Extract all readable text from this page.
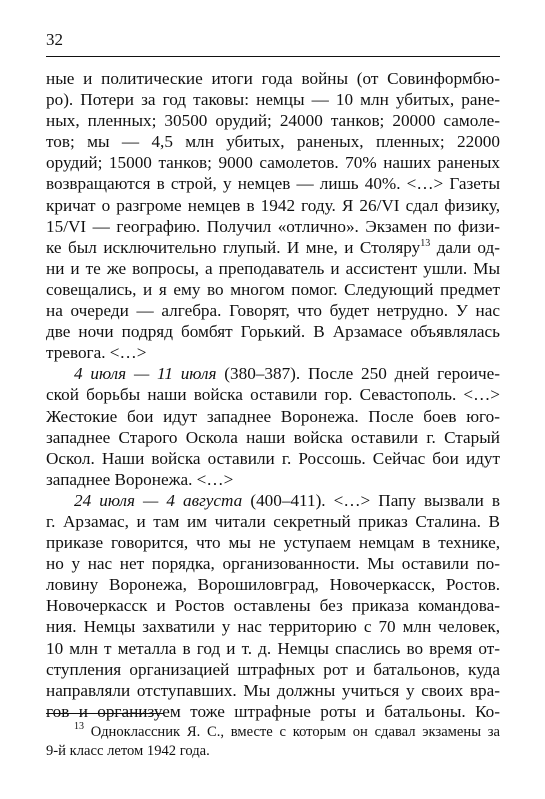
32
ные и политические итоги года войны (от Совинформбю-
ро). Потери за год таковы: немцы — 10 млн убитых, ране-
ных, пленных; 30500 орудий; 24000 танков; 20000 самоле-
тов; мы — 4,5 млн убитых, раненых, пленных; 22000
орудий; 15000 танков; 9000 самолетов. 70% наших раненых
возвращаются в строй, у немцев — лишь 40%. <…> Газеты
кричат о разгроме немцев в 1942 году. Я 26/VI сдал физику,
15/VI — географию. Получил «отлично». Экзамен по физи-
ке был исключительно глупый. И мне, и Столяру$^{13}$ дали од-
ни и те же вопросы, а преподаватель и ассистент ушли. Мы
совещались, и я ему во многом помог. Следующий предмет
на очереди — алгебра. Говорят, что будет нетрудно. У нас
две ночи подряд бомбят Горький. В Арзамасе объявлялась
тревога. <…>
4 июля — 11 июля (380–387). После 250 дней героиче-
ской борьбы наши войска оставили гор. Севастополь. <…>
Жестокие бои идут западнее Воронежа. После боев юго-
западнее Старого Оскола наши войска оставили г. Старый
Оскол. Наши войска оставили г. Россошь. Сейчас бои идут
западнее Воронежа. <…>
24 июля — 4 августа (400–411). <…> Папу вызвали в
г. Арзамас, и там им читали секретный приказ Сталина. В
приказе говорится, что мы не уступаем немцам в технике,
но у нас нет порядка, организованности. Мы оставили по-
ловину Воронежа, Ворошиловград, Новочеркасск, Ростов.
Новочеркасск и Ростов оставлены без приказа командова-
ния. Немцы захватили у нас территорию с 70 млн человек,
10 млн т металла в год и т. д. Немцы спаслись во время от-
ступления организацией штрафных рот и батальонов, куда
направляли отступавших. Мы должны учиться у своих вра-
гов и организуем тоже штрафные роты и батальоны. Ко-
$^{13}$ Одноклассник Я. С., вместе с которым он сдавал экзамены за
9-й класс летом 1942 года.
